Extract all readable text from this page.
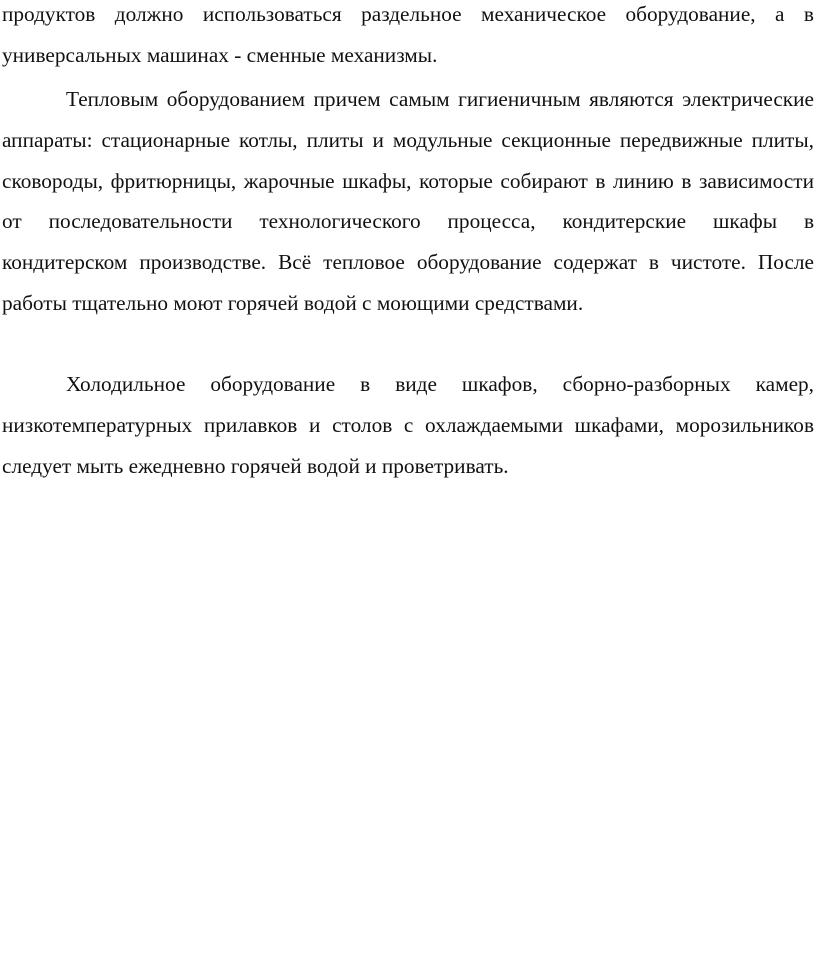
продуктов должно использоваться раздельное механическое оборудование, а в универсальных машинах - сменные механизмы.

Тепловым оборудованием причем самым гигиеничным являются электрические аппараты: стационарные котлы, плиты и модульные секционные передвижные плиты, сковороды, фритюрницы, жарочные шкафы, которые собирают в линию в зависимости от последовательности технологического процесса, кондитерские шкафы в кондитерском производстве. Всё тепловое оборудование содержат в чистоте. После работы тщательно моют горячей водой с моющими средствами.

Холодильное оборудование в виде шкафов, сборно-разборных камер, низкотемпературных прилавков и столов с охлаждаемыми шкафами, морозильников следует мыть ежедневно горячей водой и проветривать.
